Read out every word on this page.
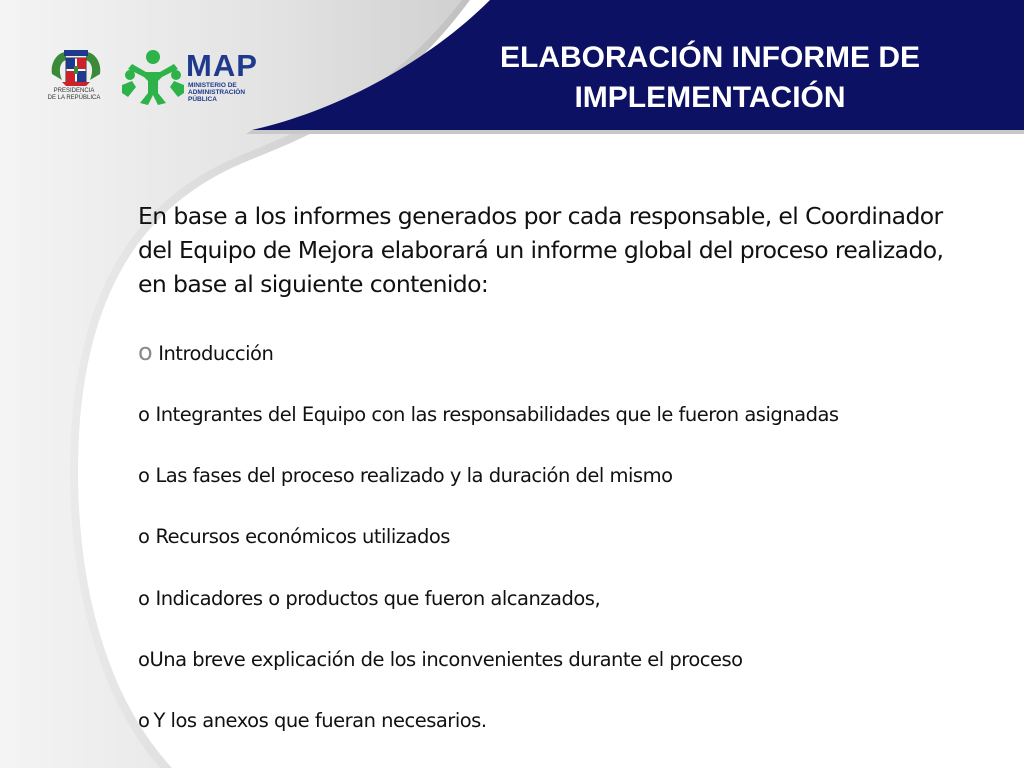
PRESIDENCIA
DE LA REPÚBLICA
MAP
MINISTERIO DE
ADMINISTRACIÓN
PÚBLICA
ELABORACIÓN INFORME DE
IMPLEMENTACIÓN
En base a los informes generados por cada responsable, el Coordinador
del Equipo de Mejora elaborará un informe global del proceso realizado,
en base al siguiente contenido:
o Introducción
o Integrantes del Equipo con las responsabilidades que le fueron asignadas
o Las fases del proceso realizado y la duración del mismo
o Recursos económicos utilizados
o Indicadores o productos que fueron alcanzados,
oUna breve explicación de los inconvenientes durante el proceso
o Y los anexos que fueran necesarios.
